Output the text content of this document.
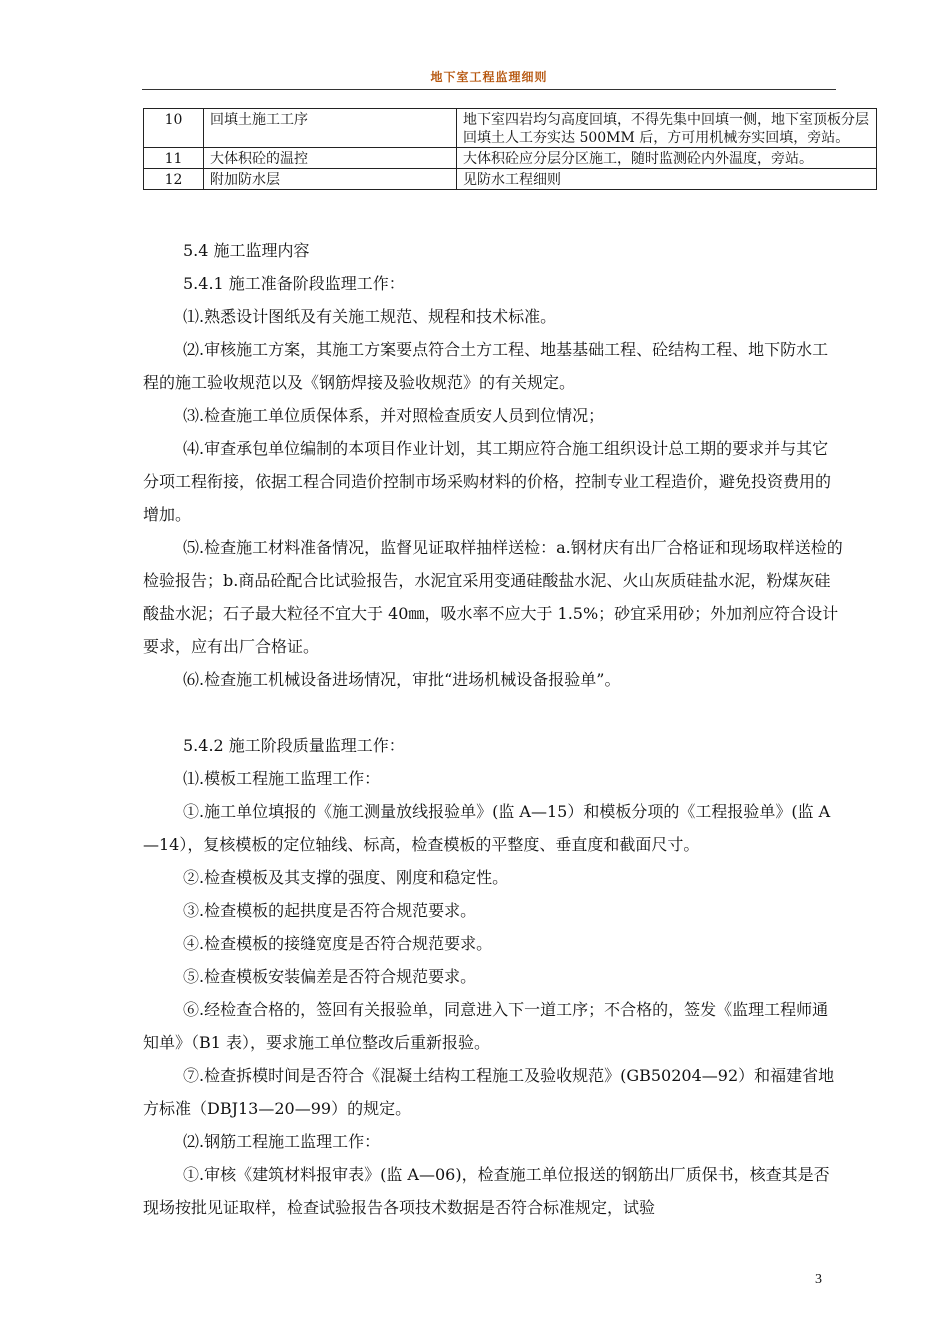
地下室工程监理细则
10	回填土施工工序	地下室四岩均匀高度回填，不得先集中回填一侧，地下室顶板分层回填土人工夯实达 500MM 后，方可用机械夯实回填，旁站。
11	大体积砼的温控	大体积砼应分层分区施工，随时监测砼内外温度，旁站。
12	附加防水层	见防水工程细则

5.4 施工监理内容

5.4.1 施工准备阶段监理工作：

⑴.熟悉设计图纸及有关施工规范、规程和技术标准。

⑵.审核施工方案，其施工方案要点符合土方工程、地基基础工程、砼结构工程、地下防水工程的施工验收规范以及《钢筋焊接及验收规范》的有关规定。

⑶.检查施工单位质保体系，并对照检查质安人员到位情况；

⑷.审查承包单位编制的本项目作业计划，其工期应符合施工组织设计总工期的要求并与其它分项工程衔接，依据工程合同造价控制市场采购材料的价格，控制专业工程造价，避免投资费用的增加。

⑸.检查施工材料准备情况，监督见证取样抽样送检：a.钢材庆有出厂合格证和现场取样送检的检验报告；b.商品砼配合比试验报告，水泥宜采用变通硅酸盐水泥、火山灰质硅盐水泥，粉煤灰硅酸盐水泥；石子最大粒径不宜大于 40㎜，吸水率不应大于 1.5%；砂宜采用砂；外加剂应符合设计要求，应有出厂合格证。

⑹.检查施工机械设备进场情况，审批“进场机械设备报验单”。

5.4.2 施工阶段质量监理工作：

⑴.模板工程施工监理工作：

①.施工单位填报的《施工测量放线报验单》(监 A—15）和模板分项的《工程报验单》(监 A—14），复核模板的定位轴线、标高，检查模板的平整度、垂直度和截面尺寸。

②.检查模板及其支撑的强度、刚度和稳定性。

③.检查模板的起拱度是否符合规范要求。

④.检查模板的接缝宽度是否符合规范要求。

⑤.检查模板安装偏差是否符合规范要求。

⑥.经检查合格的，签回有关报验单，同意进入下一道工序；不合格的，签发《监理工程师通知单》（B1 表），要求施工单位整改后重新报验。

⑦.检查拆模时间是否符合《混凝土结构工程施工及验收规范》(GB50204—92）和福建省地方标准（DBJ13—20—99）的规定。

⑵.钢筋工程施工监理工作：

①.审核《建筑材料报审表》(监 A—06)，检查施工单位报送的钢筋出厂质保书，核查其是否现场按批见证取样，检查试验报告各项技术数据是否符合标准规定，试验

3
